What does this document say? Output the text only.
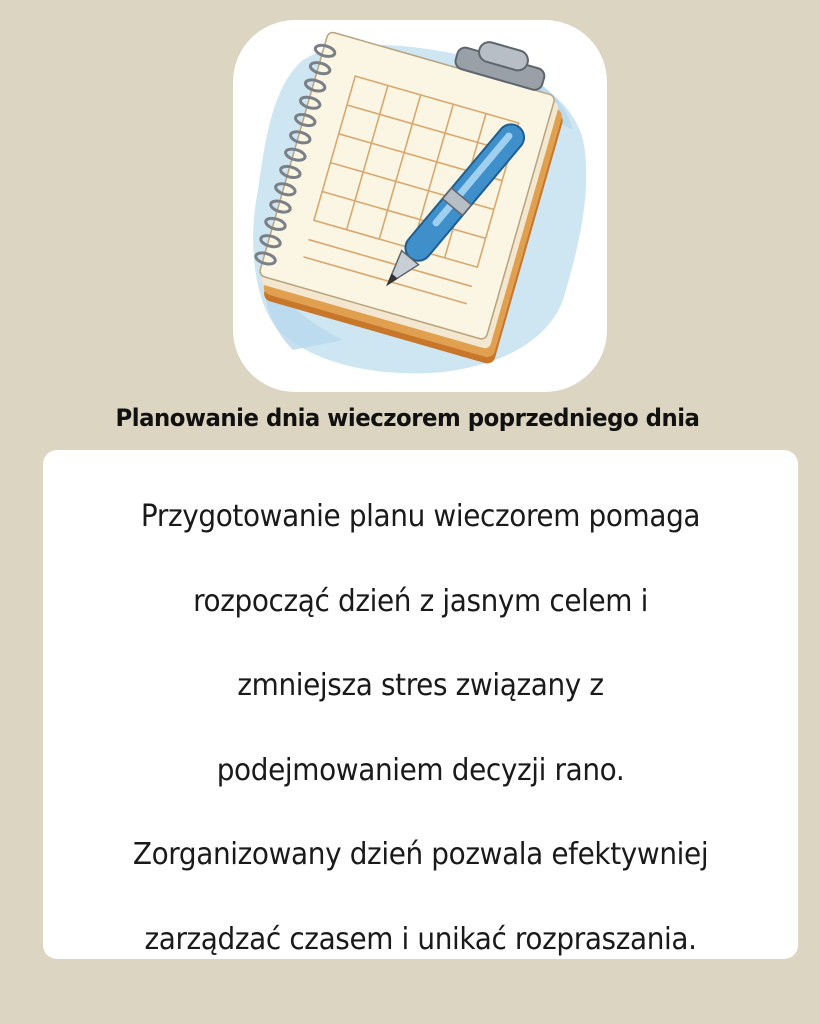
Planowanie dnia wieczorem poprzedniego dnia
Przygotowanie planu wieczorem pomaga
rozpocząć dzień z jasnym celem i
zmniejsza stres związany z
podejmowaniem decyzji rano.
Zorganizowany dzień pozwala efektywniej
zarządzać czasem i unikać rozpraszania.
